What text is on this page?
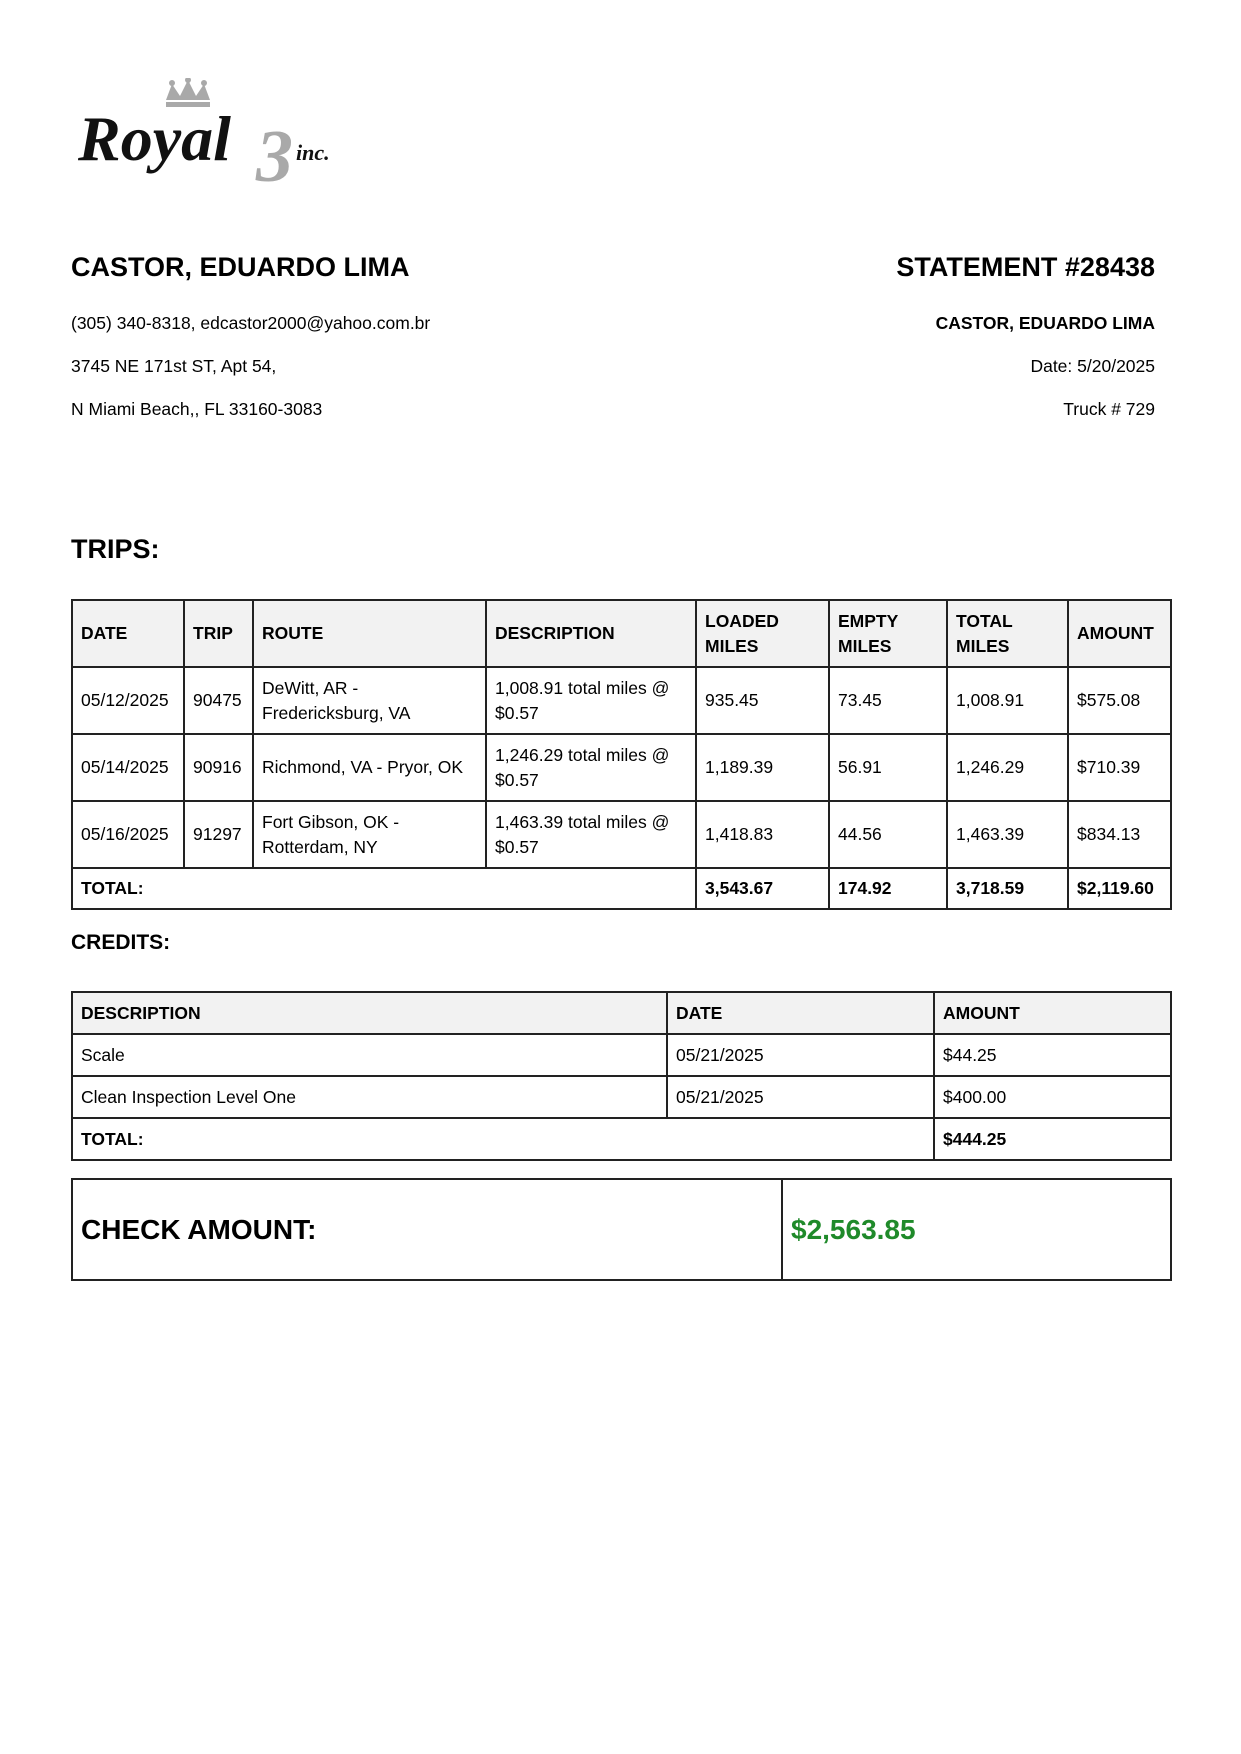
3
Royal	inc.
CASTOR, EDUARDO LIMA
(305) 340-8318, edcastor2000@yahoo.com.br
3745 NE 171st ST, Apt 54,
N Miami Beach,, FL 33160-3083
STATEMENT #28438
CASTOR, EDUARDO LIMA
Date: 5/20/2025
Truck # 729
TRIPS:
DATE	TRIP	ROUTE	DESCRIPTION	LOADED MILES	EMPTY MILES	TOTAL MILES	AMOUNT
05/12/2025	90475	DeWitt, AR - Fredericksburg, VA	1,008.91 total miles @ $0.57	935.45	73.45	1,008.91	$575.08
05/14/2025	90916	Richmond, VA - Pryor, OK	1,246.29 total miles @ $0.57	1,189.39	56.91	1,246.29	$710.39
05/16/2025	91297	Fort Gibson, OK - Rotterdam, NY	1,463.39 total miles @ $0.57	1,418.83	44.56	1,463.39	$834.13
TOTAL:				3,543.67	174.92	3,718.59	$2,119.60
CREDITS:
DESCRIPTION	DATE	AMOUNT
Scale	05/21/2025	$44.25
Clean Inspection Level One	05/21/2025	$400.00
TOTAL:		$444.25
CHECK AMOUNT:	$2,563.85
